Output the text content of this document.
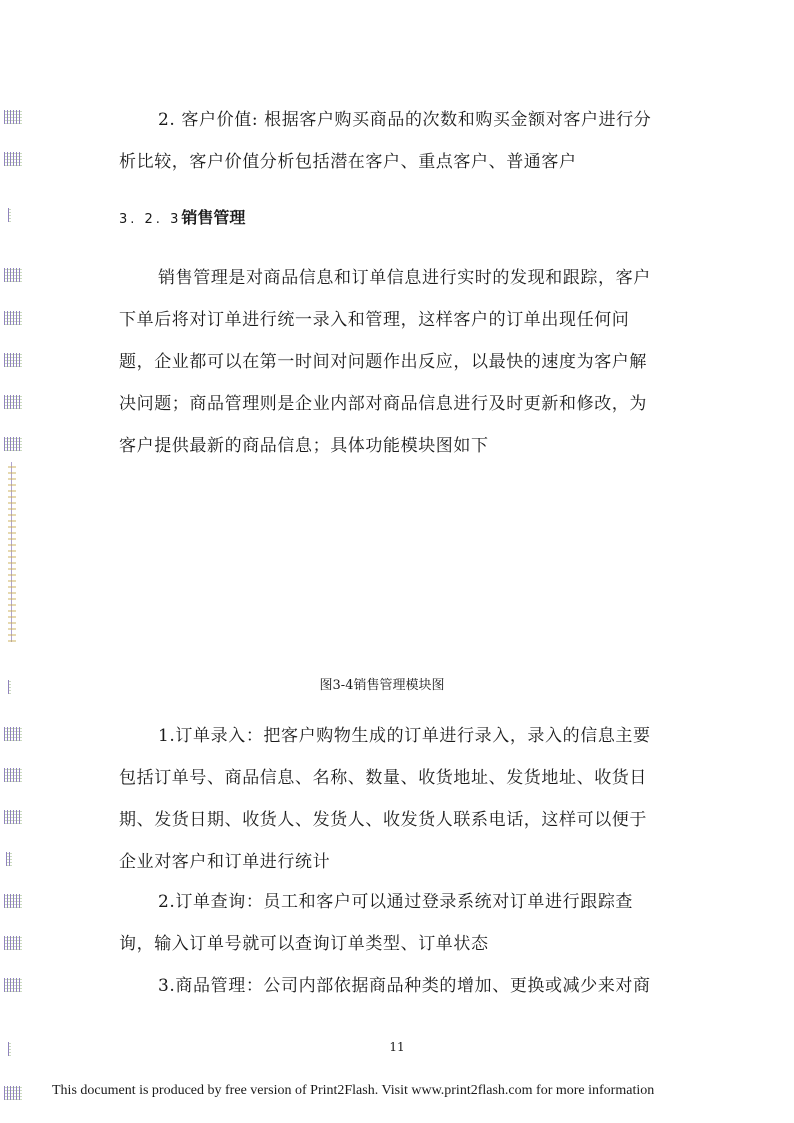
2. 客户价值: 根据客户购买商品的次数和购买金额对客户进行分
析比较，客户价值分析包括潜在客户、重点客户、普通客户
3. 2. 3销售管理
销售管理是对商品信息和订单信息进行实时的发现和跟踪，客户
下单后将对订单进行统一录入和管理，这样客户的订单出现任何问
题，企业都可以在第一时间对问题作出反应，以最快的速度为客户解
决问题；商品管理则是企业内部对商品信息进行及时更新和修改，为
客户提供最新的商品信息；具体功能模块图如下
图3-4销售管理模块图
1.订单录入：把客户购物生成的订单进行录入，录入的信息主要
包括订单号、商品信息、名称、数量、收货地址、发货地址、收货日
期、发货日期、收货人、发货人、收发货人联系电话，这样可以便于
企业对客户和订单进行统计
2.订单查询：员工和客户可以通过登录系统对订单进行跟踪查
询，输入订单号就可以查询订单类型、订单状态
3.商品管理：公司内部依据商品种类的增加、更换或减少来对商
11
This document is produced by free version of Print2Flash. Visit www.print2flash.com for more information
